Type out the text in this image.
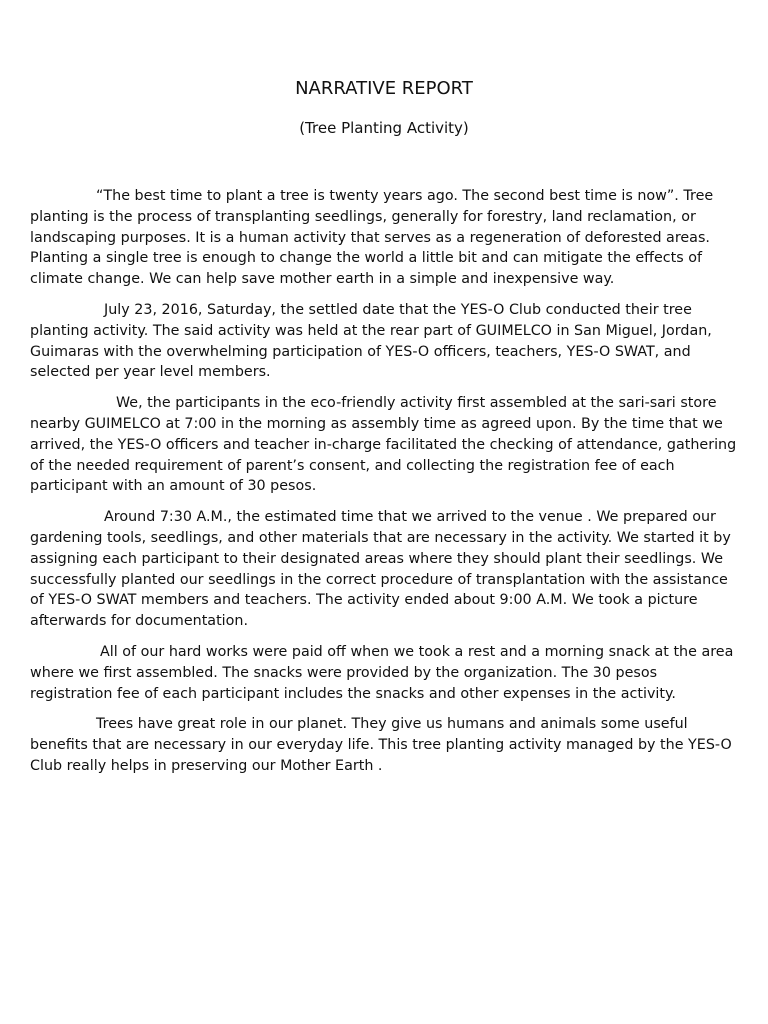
NARRATIVE REPORT
(Tree Planting Activity)

“The best time to plant a tree is twenty years ago. The second best time is now”. Tree planting is the process of transplanting seedlings, generally for forestry, land reclamation, or landscaping purposes. It is a human activity that serves as a regeneration of deforested areas. Planting a single tree is enough to change the world a little bit and can mitigate the effects of climate change. We can help save mother earth in a simple and inexpensive way.

July 23, 2016, Saturday, the settled date that the YES-O Club conducted their tree planting activity. The said activity was held at the rear part of GUIMELCO in San Miguel, Jordan, Guimaras with the overwhelming participation of YES-O officers, teachers, YES-O SWAT, and selected per year level members.

We, the participants in the eco-friendly activity first assembled at the sari-sari store nearby GUIMELCO at 7:00 in the morning as assembly time as agreed upon. By the time that we arrived, the YES-O officers and teacher in-charge facilitated the checking of attendance, gathering of the needed requirement of parent’s consent, and collecting the registration fee of each participant with an amount of 30 pesos.

Around 7:30 A.M., the estimated time that we arrived to the venue . We prepared our gardening tools, seedlings, and other materials that are necessary in the activity. We started it by assigning each participant to their designated areas where they should plant their seedlings. We successfully planted our seedlings in the correct procedure of transplantation with the assistance of YES-O SWAT members and teachers. The activity ended about 9:00 A.M. We took a picture afterwards for documentation.

All of our hard works were paid off when we took a rest and a morning snack at the area where we first assembled. The snacks were provided by the organization. The 30 pesos registration fee of each participant includes the snacks and other expenses in the activity.

Trees have great role in our planet. They give us humans and animals some useful benefits that are necessary in our everyday life. This tree planting activity managed by the YES-O Club really helps in preserving our Mother Earth .
